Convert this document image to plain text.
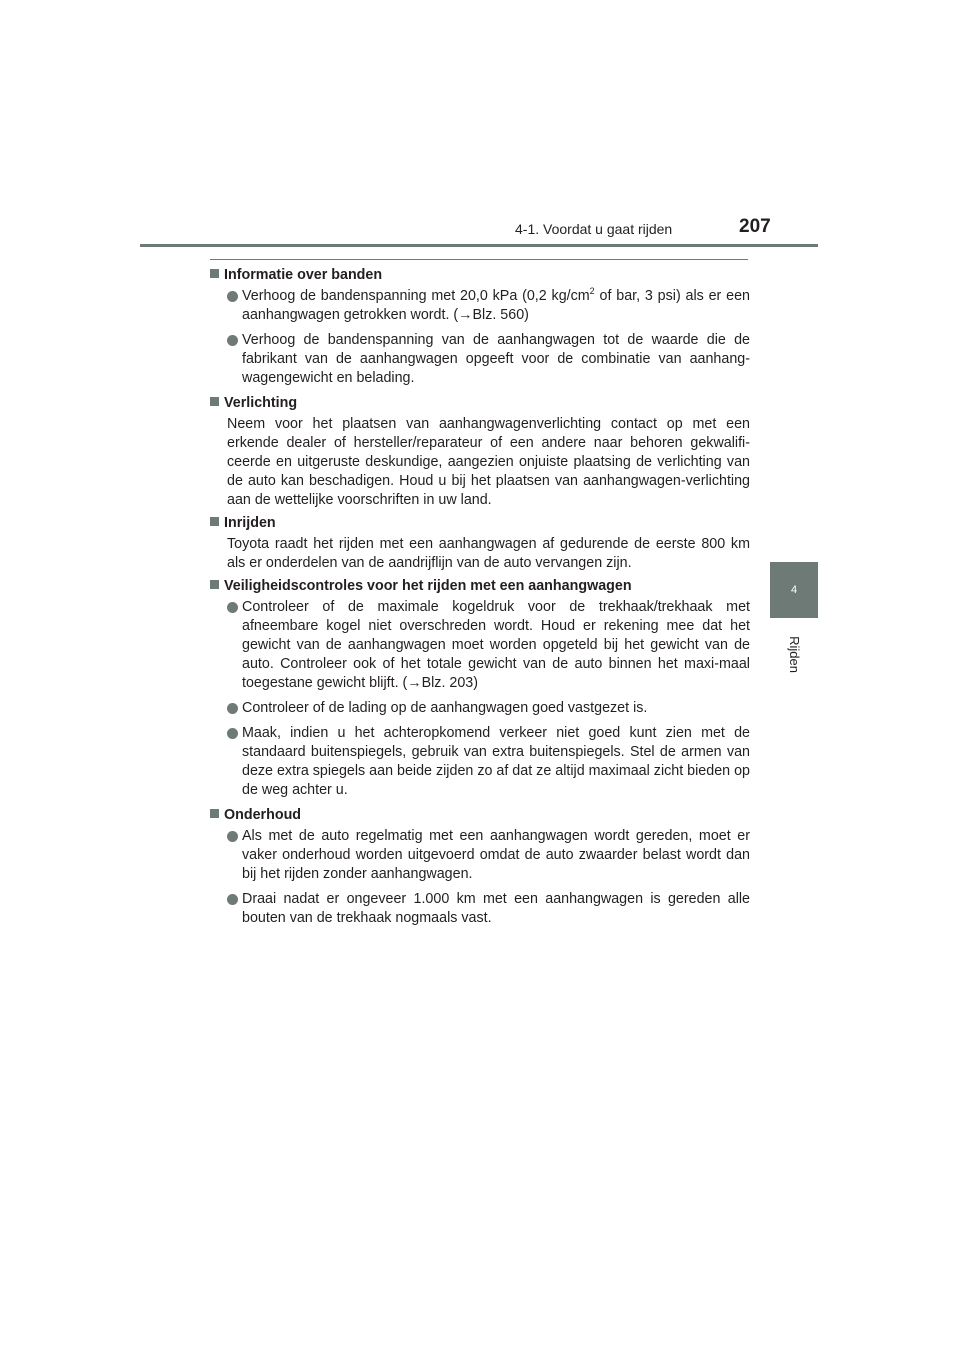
4-1. Voordat u gaat rijden	207
4
Rijden
Informatie over banden
Verhoog de bandenspanning met 20,0 kPa (0,2 $kg/cm^2$ of bar, 3 psi) als er een aanhangwagen getrokken wordt. (→Blz. 560)
Verhoog de bandenspanning van de aanhangwagen tot de waarde die de fabrikant van de aanhangwagen opgeeft voor de combinatie van aanhang-wagengewicht en belading.
Verlichting
Neem voor het plaatsen van aanhangwagenverlichting contact op met een erkende dealer of hersteller/reparateur of een andere naar behoren gekwalifi-ceerde en uitgeruste deskundige, aangezien onjuiste plaatsing de verlichting van de auto kan beschadigen. Houd u bij het plaatsen van aanhangwagen-verlichting aan de wettelijke voorschriften in uw land.
Inrijden
Toyota raadt het rijden met een aanhangwagen af gedurende de eerste 800 km als er onderdelen van de aandrijflijn van de auto vervangen zijn.
Veiligheidscontroles voor het rijden met een aanhangwagen
Controleer of de maximale kogeldruk voor de trekhaak/trekhaak met afneembare kogel niet overschreden wordt. Houd er rekening mee dat het gewicht van de aanhangwagen moet worden opgeteld bij het gewicht van de auto. Controleer ook of het totale gewicht van de auto binnen het maxi-maal toegestane gewicht blijft. (→Blz. 203)
Controleer of de lading op de aanhangwagen goed vastgezet is.
Maak, indien u het achteropkomend verkeer niet goed kunt zien met de standaard buitenspiegels, gebruik van extra buitenspiegels. Stel de armen van deze extra spiegels aan beide zijden zo af dat ze altijd maximaal zicht bieden op de weg achter u.
Onderhoud
Als met de auto regelmatig met een aanhangwagen wordt gereden, moet er vaker onderhoud worden uitgevoerd omdat de auto zwaarder belast wordt dan bij het rijden zonder aanhangwagen.
Draai nadat er ongeveer 1.000 km met een aanhangwagen is gereden alle bouten van de trekhaak nogmaals vast.
